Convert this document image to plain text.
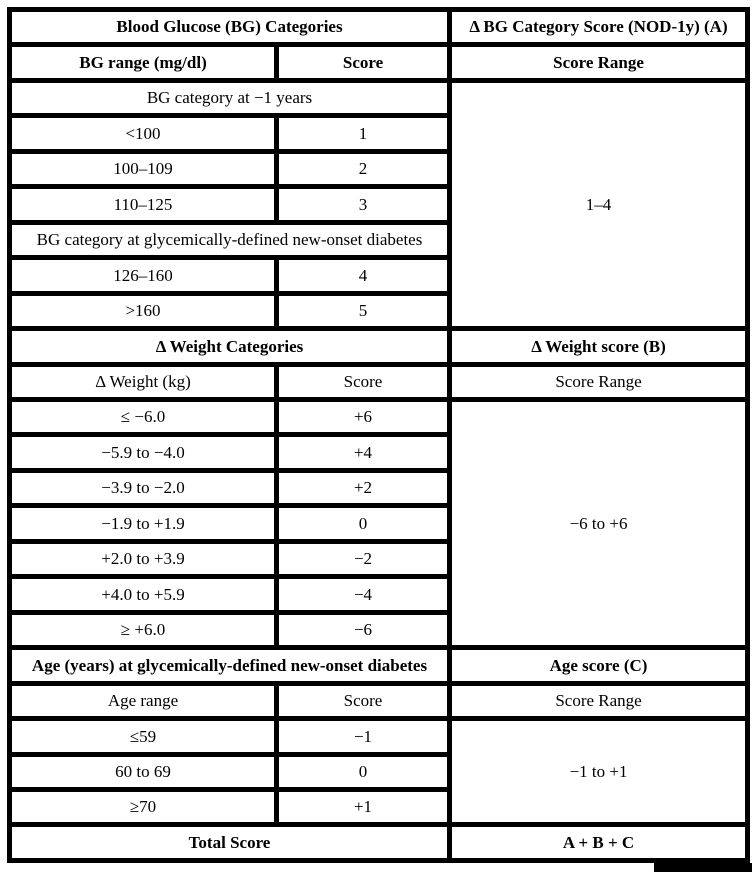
Blood Glucose (BG) Categories		Δ BG Category Score (NOD-1y) (A)
BG range (mg/dl)	Score	Score Range
BG category at −1 years		1–4
<100	1	
100–109	2	
110–125	3	
BG category at glycemically-defined new-onset diabetes		
126–160	4	
>160	5	
Δ Weight Categories		Δ Weight score (B)
Δ Weight (kg)	Score	Score Range
≤ −6.0	+6	−6 to +6
−5.9 to −4.0	+4	
−3.9 to −2.0	+2	
−1.9 to +1.9	0	
+2.0 to +3.9	−2	
+4.0 to +5.9	−4	
≥ +6.0	−6	
Age (years) at glycemically-defined new-onset diabetes		Age score (C)
Age range	Score	Score Range
≤59	−1	−1 to +1
60 to 69	0	
≥70	+1	
Total Score		A + B + C
